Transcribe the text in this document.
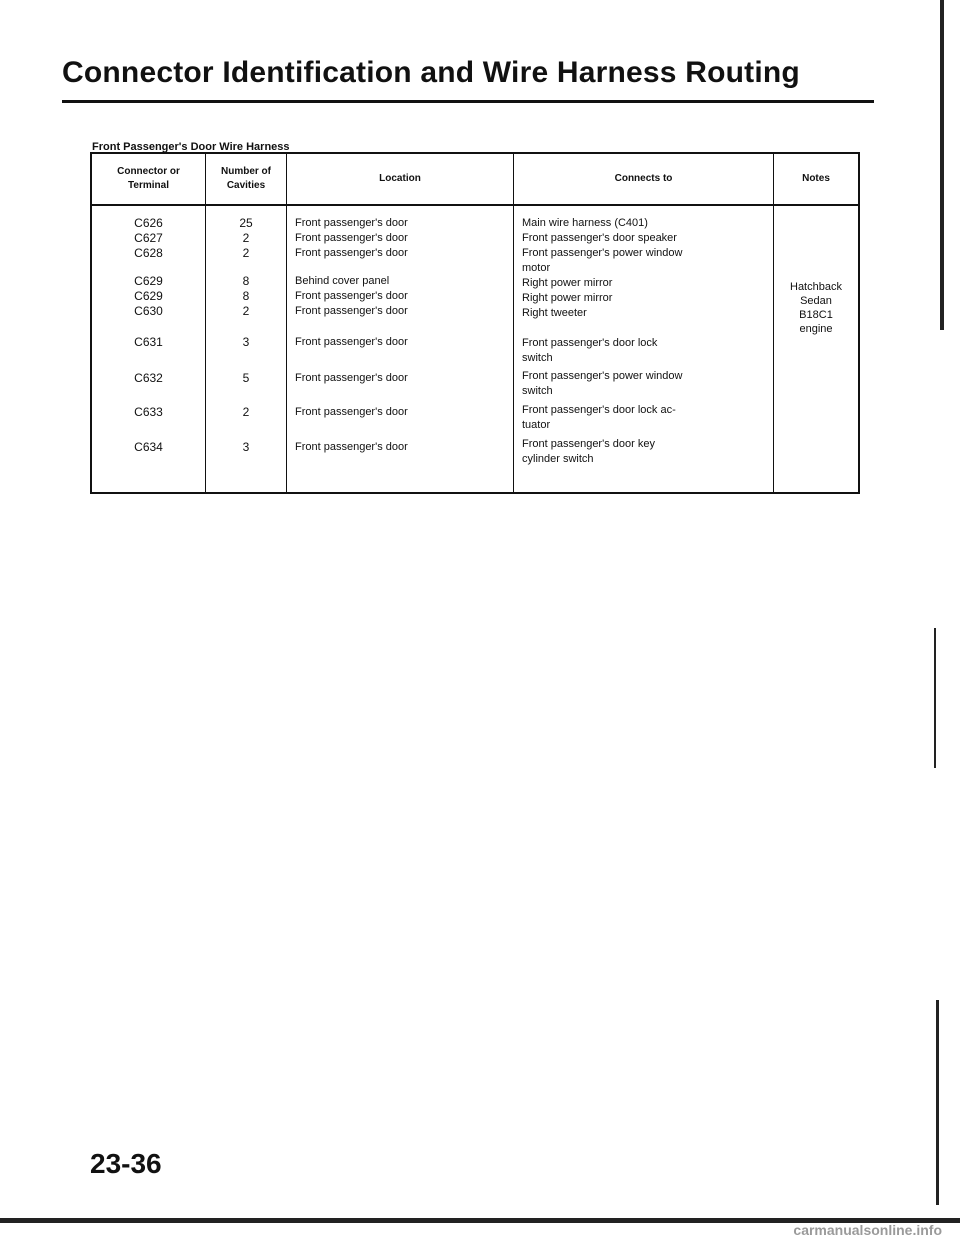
Connector Identification and Wire Harness Routing
Front Passenger's Door Wire Harness
Connector or
Terminal
Number of
Cavities
Location	Connects to	Notes
C626
C627
C628
C629
C629
C630
C631
C632
C633
C634
25
2
2
8
8
2
3
5
2
3
Front passenger's door
Front passenger's door
Front passenger's door
Behind cover panel
Front passenger's door
Front passenger's door
Front passenger's door
Front passenger's door
Front passenger's door
Front passenger's door
Main wire harness (C401)
Front passenger's door speaker
Front passenger's power window
motor
Right power mirror
Right power mirror
Right tweeter
Front passenger's door lock
switch
Front passenger's power window
switch
Front passenger's door lock ac-
tuator
Front passenger's door key
cylinder switch
Hatchback
Sedan
B18C1
engine
23-36
carmanualsonline.info
